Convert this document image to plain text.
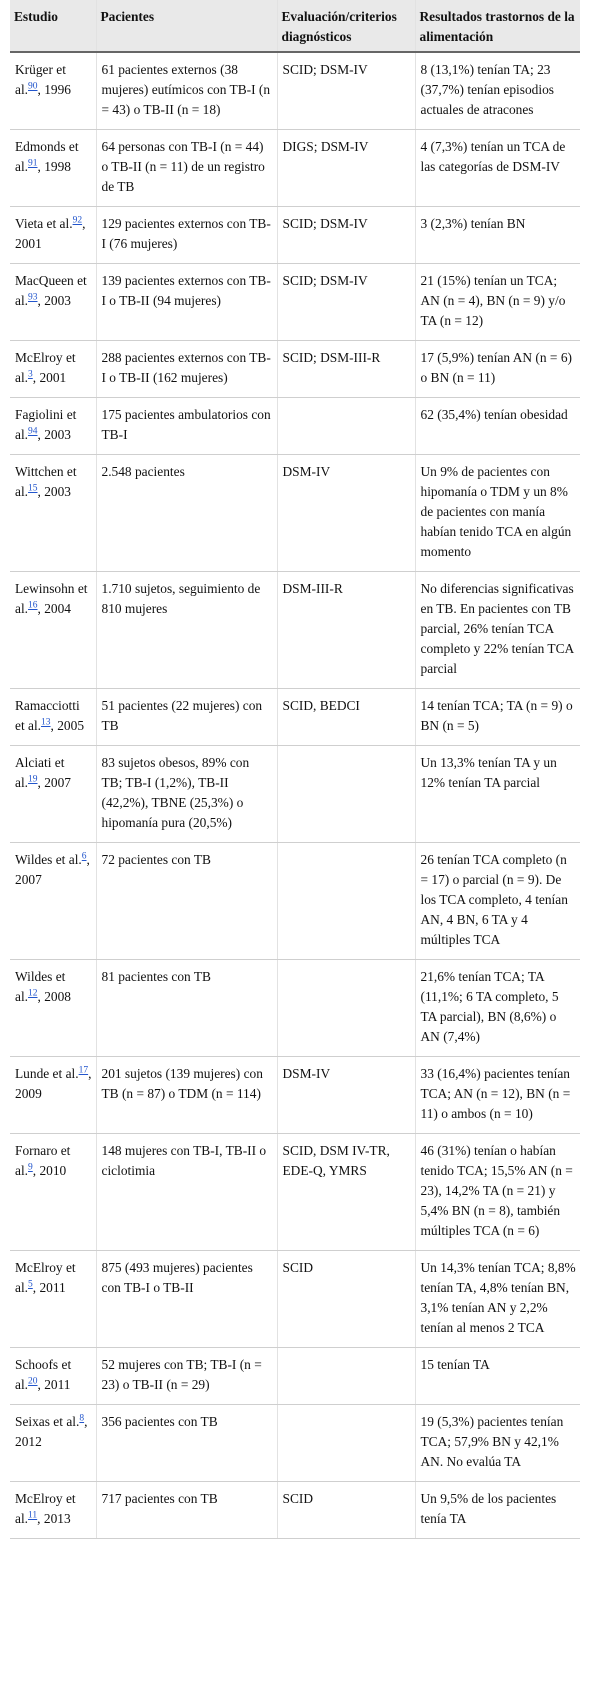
Estudio	Pacientes	Evaluación/criterios diagnósticos	Resultados trastornos de la alimentación
Krüger et al.$^{90}$, 1996	61 pacientes externos (38 mujeres) eutímicos con TB-I (n = 43) o TB-II (n = 18)	SCID; DSM-IV	8 (13,1%) tenían TA; 23 (37,7%) tenían episodios actuales de atracones
Edmonds et al.$^{91}$, 1998	64 personas con TB-I (n = 44) o TB-II (n = 11) de un registro de TB	DIGS; DSM-IV	4 (7,3%) tenían un TCA de las categorías de DSM-IV
Vieta et al.$^{92}$, 2001	129 pacientes externos con TB-I (76 mujeres)	SCID; DSM-IV	3 (2,3%) tenían BN
MacQueen et al.$^{93}$, 2003	139 pacientes externos con TB-I o TB-II (94 mujeres)	SCID; DSM-IV	21 (15%) tenían un TCA; AN (n = 4), BN (n = 9) y/o TA (n = 12)
McElroy et al.$^3$, 2001	288 pacientes externos con TB-I o TB-II (162 mujeres)	SCID; DSM-III-R	17 (5,9%) tenían AN (n = 6) o BN (n = 11)
Fagiolini et al.$^{94}$, 2003	175 pacientes ambulatorios con TB-I		62 (35,4%) tenían obesidad
Wittchen et al.$^{15}$, 2003	2.548 pacientes	DSM-IV	Un 9% de pacientes con hipomanía o TDM y un 8% de pacientes con manía habían tenido TCA en algún momento
Lewinsohn et al.$^{16}$, 2004	1.710 sujetos, seguimiento de 810 mujeres	DSM-III-R	No diferencias significativas en TB. En pacientes con TB parcial, 26% tenían TCA completo y 22% tenían TCA parcial
Ramacciotti et al.$^{13}$, 2005	51 pacientes (22 mujeres) con TB	SCID, BEDCI	14 tenían TCA; TA (n = 9) o BN (n = 5)
Alciati et al.$^{19}$, 2007	83 sujetos obesos, 89% con TB; TB-I (1,2%), TB-II (42,2%), TBNE (25,3%) o hipomanía pura (20,5%)		Un 13,3% tenían TA y un 12% tenían TA parcial
Wildes et al.$^6$, 2007	72 pacientes con TB		26 tenían TCA completo (n = 17) o parcial (n = 9). De los TCA completo, 4 tenían AN, 4 BN, 6 TA y 4 múltiples TCA
Wildes et al.$^{12}$, 2008	81 pacientes con TB		21,6% tenían TCA; TA (11,1%; 6 TA completo, 5 TA parcial), BN (8,6%) o AN (7,4%)
Lunde et al.$^{17}$, 2009	201 sujetos (139 mujeres) con TB (n = 87) o TDM (n = 114)	DSM-IV	33 (16,4%) pacientes tenían TCA; AN (n = 12), BN (n = 11) o ambos (n = 10)
Fornaro et al.$^9$, 2010	148 mujeres con TB-I, TB-II o ciclotimia	SCID, DSM IV-TR, EDE-Q, YMRS	46 (31%) tenían o habían tenido TCA; 15,5% AN (n = 23), 14,2% TA (n = 21) y 5,4% BN (n = 8), también múltiples TCA (n = 6)
McElroy et al.$^5$, 2011	875 (493 mujeres) pacientes con TB-I o TB-II	SCID	Un 14,3% tenían TCA; 8,8% tenían TA, 4,8% tenían BN, 3,1% tenían AN y 2,2% tenían al menos 2 TCA
Schoofs et al.$^{20}$, 2011	52 mujeres con TB; TB-I (n = 23) o TB-II (n = 29)		15 tenían TA
Seixas et al.$^8$, 2012	356 pacientes con TB		19 (5,3%) pacientes tenían TCA; 57,9% BN y 42,1% AN. No evalúa TA
McElroy et al.$^{11}$, 2013	717 pacientes con TB	SCID	Un 9,5% de los pacientes tenía TA
